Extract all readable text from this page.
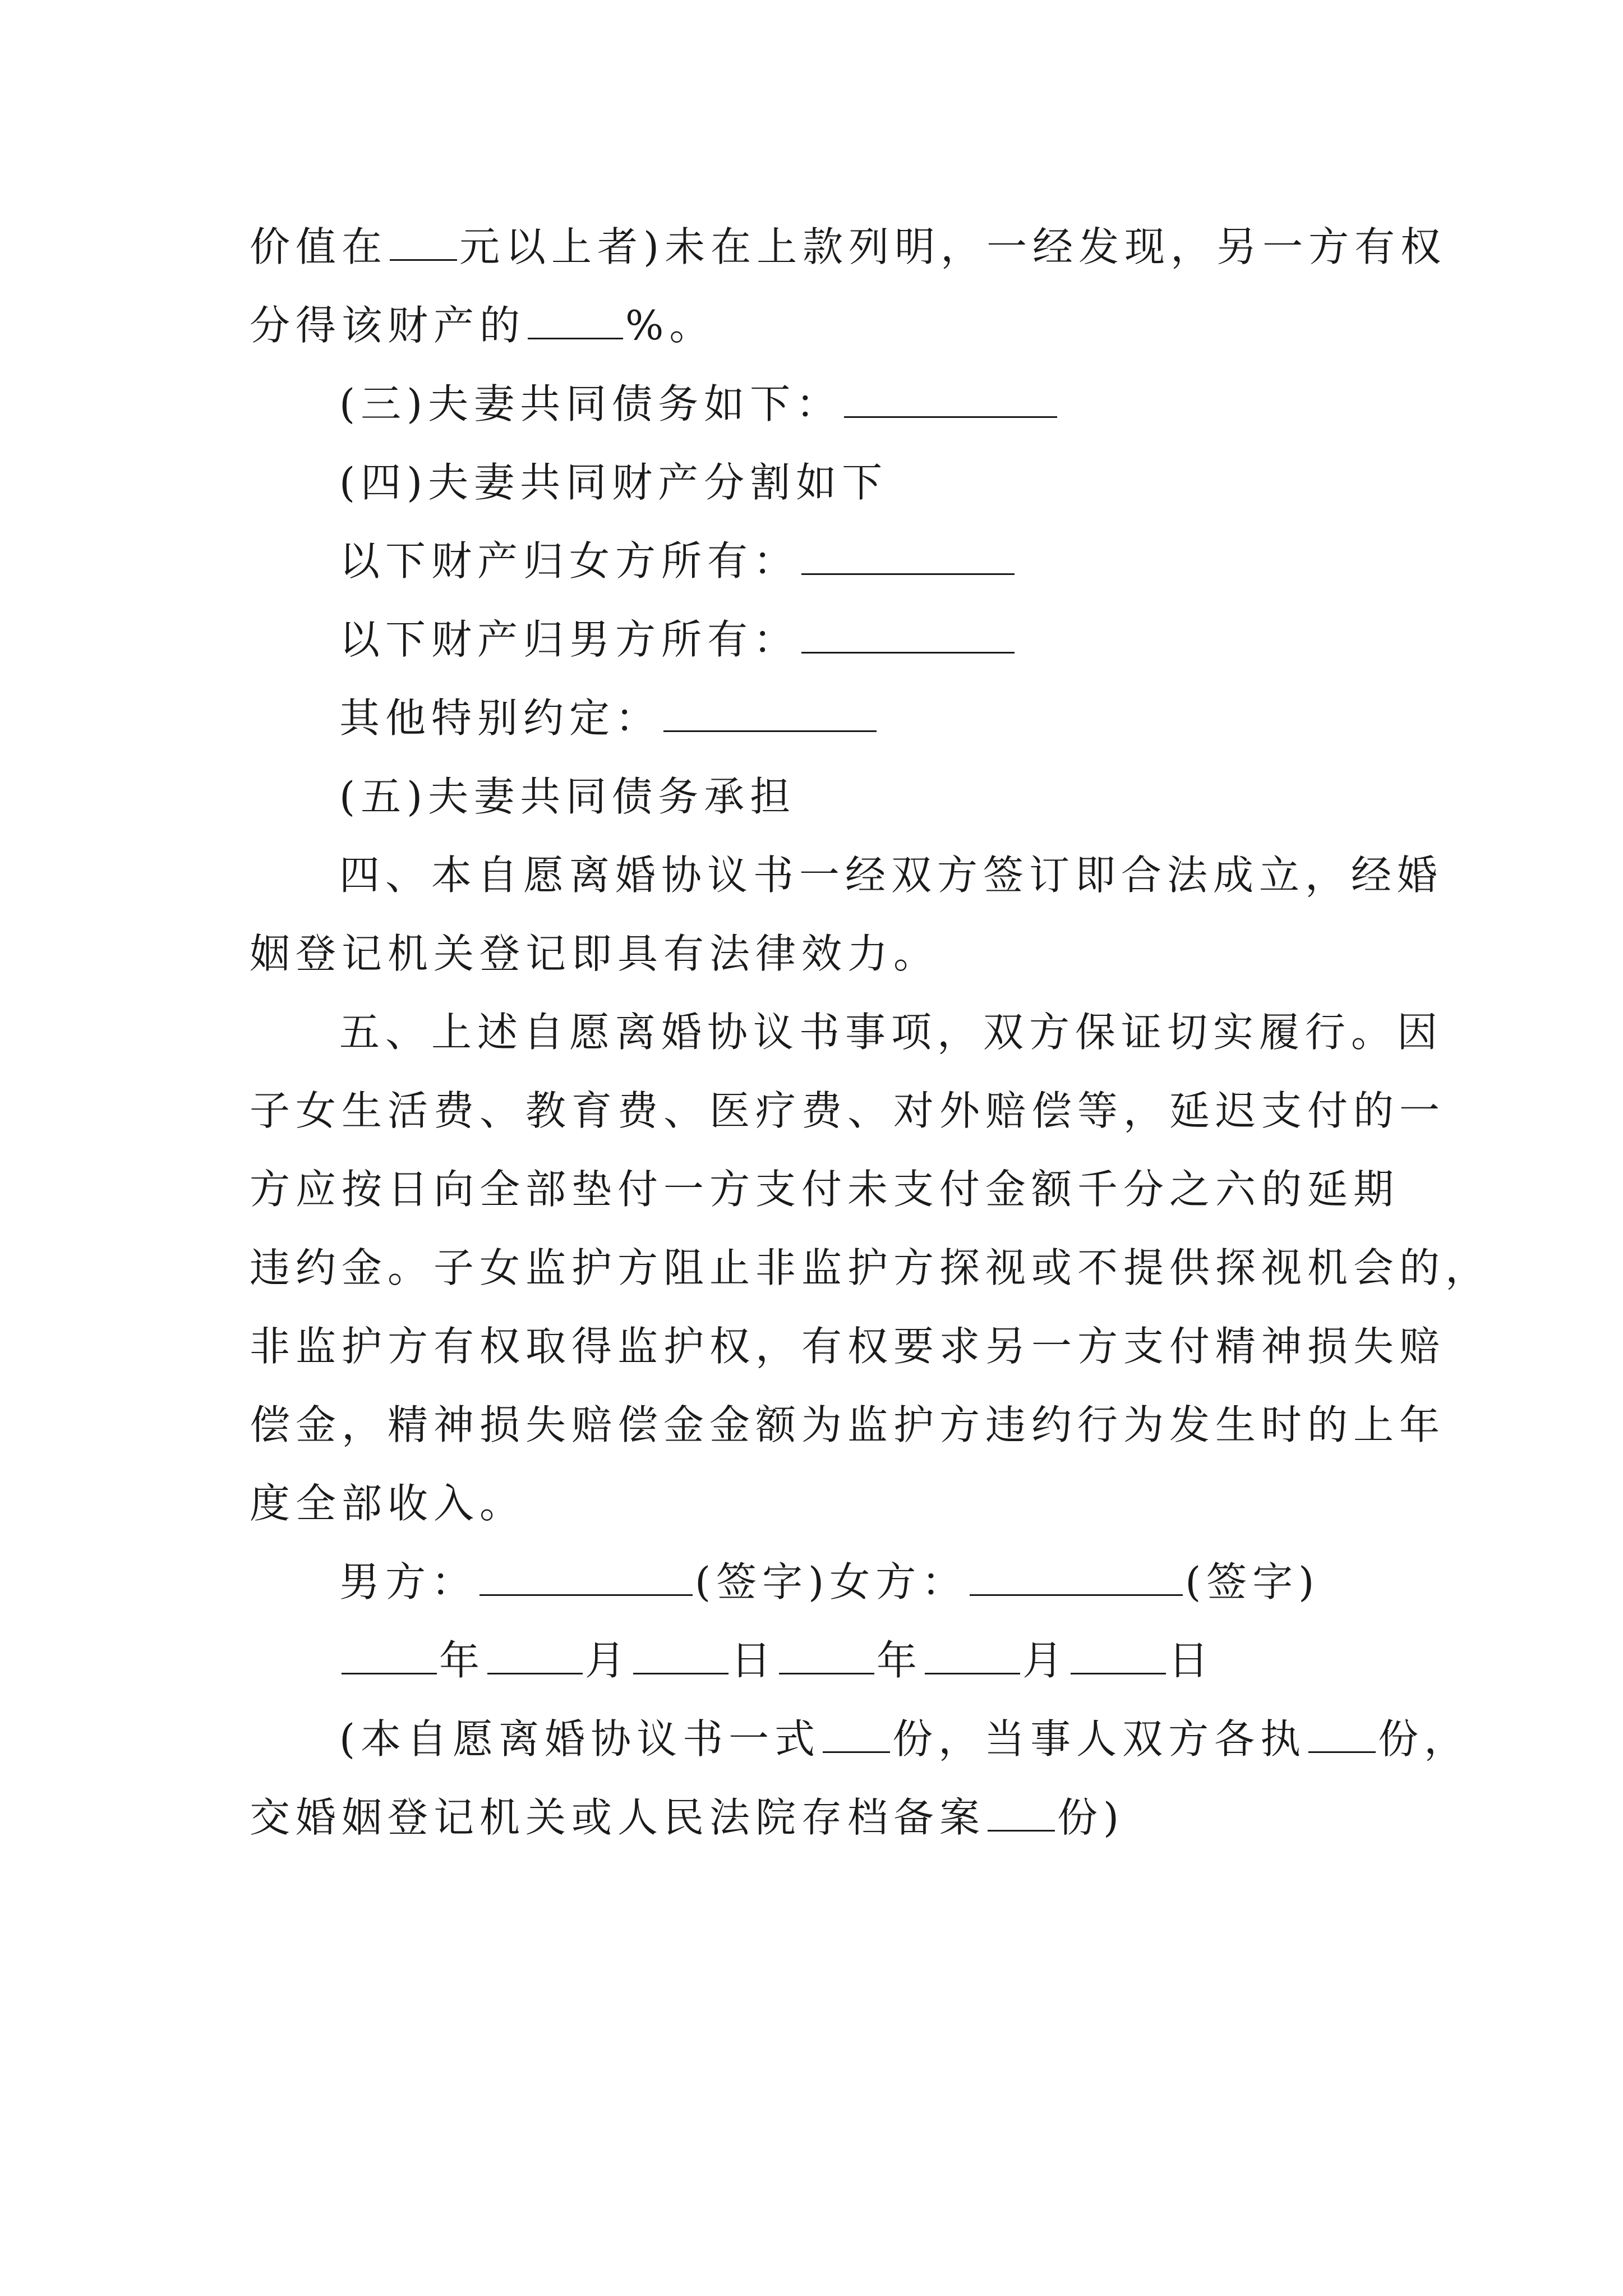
价值在 元以上者)未在上款列明，一经发现，另一方有权
分得该财产的 %。
(三)夫妻共同债务如下：
(四)夫妻共同财产分割如下
以下财产归女方所有：
以下财产归男方所有：
其他特别约定：
(五)夫妻共同债务承担
四、本自愿离婚协议书一经双方签订即合法成立，经婚
姻登记机关登记即具有法律效力。
五、上述自愿离婚协议书事项，双方保证切实履行。因
子女生活费、教育费、医疗费、对外赔偿等，延迟支付的一
方应按日向全部垫付一方支付未支付金额千分之六的延期
违约金。子女监护方阻止非监护方探视或不提供探视机会的，
非监护方有权取得监护权，有权要求另一方支付精神损失赔
偿金，精神损失赔偿金金额为监护方违约行为发生时的上年
度全部收入。
男方：	(签字)女方：	(签字)
年 月 日 年 月 日
(本自愿离婚协议书一式 份，当事人双方各执 份，
交婚姻登记机关或人民法院存档备案 份)
